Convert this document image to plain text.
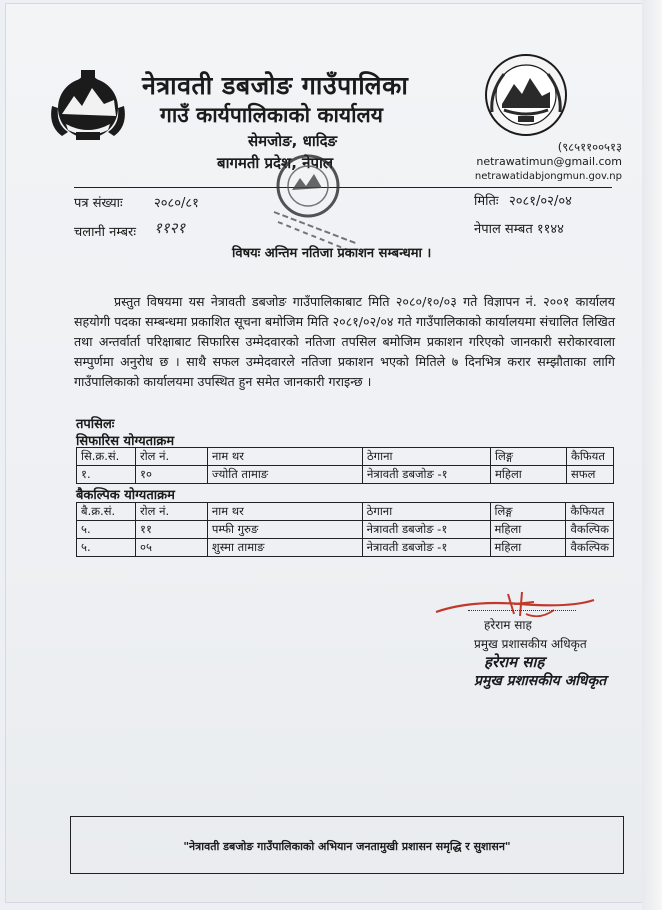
नेत्रावती डबजोङ गाउँपालिका
गाउँ कार्यपालिकाको कार्यालय
सेमजोङ, धादिङ
बागमती प्रदेश, नेपाल
(९८५११००५१३
netrawatimun@gmail.com
netrawatidabjongmun.gov.np
पत्र संख्याः २०८०/८१	मितिः २०८१/०२/०४
चलानी नम्बरः ११२१	नेपाल सम्बत ११४४
विषयः अन्तिम नतिजा प्रकाशन सम्बन्धमा ।
प्रस्तुत विषयमा यस नेत्रावती डबजोङ गाउँपालिकाबाट मिति २०८०/१०/०३ गते विज्ञापन नं. २००१ कार्यालय सहयोगी पदका सम्बन्धमा प्रकाशित सूचना बमोजिम मिति २०८१/०२/०४ गते गाउँपालिकाको कार्यालयमा संचालित लिखित तथा अन्तर्वार्ता परिक्षाबाट सिफारिस उम्मेदवारको नतिजा तपसिल बमोजिम प्रकाशन गरिएको जानकारी सरोकारवाला सम्पुर्णमा अनुरोध छ । साथै सफल उम्मेदवारले नतिजा प्रकाशन भएको मितिले ७ दिनभित्र करार सम्झौताका लागि गाउँपालिकाको कार्यालयमा उपस्थित हुन समेत जानकारी गराइन्छ ।
तपसिलः
सिफारिस योग्यताक्रम
सि.क्र.सं.	रोल नं.	नाम थर	ठेगाना	लिङ्ग	कैफियत
१.	१०	ज्योति तामाङ	नेत्रावती डबजोङ -१	महिला	सफल
बैकल्पिक योग्यताक्रम
बै.क्र.सं.	रोल नं.	नाम थर	ठेगाना	लिङ्ग	कैफियत
५.	११	पम्फी गुरुङ	नेत्रावती डबजोङ -१	महिला	वैकल्पिक
५.	०५	शुस्मा तामाङ	नेत्रावती डबजोङ -१	महिला	वैकल्पिक
हरेराम साह
प्रमुख प्रशासकीय अधिकृत
हरेराम साह
प्रमुख प्रशासकीय अधिकृत
"नेत्रावती डबजोङ गाउँपालिकाको अभियान जनतामुखी प्रशासन समृद्धि र सुशासन"
